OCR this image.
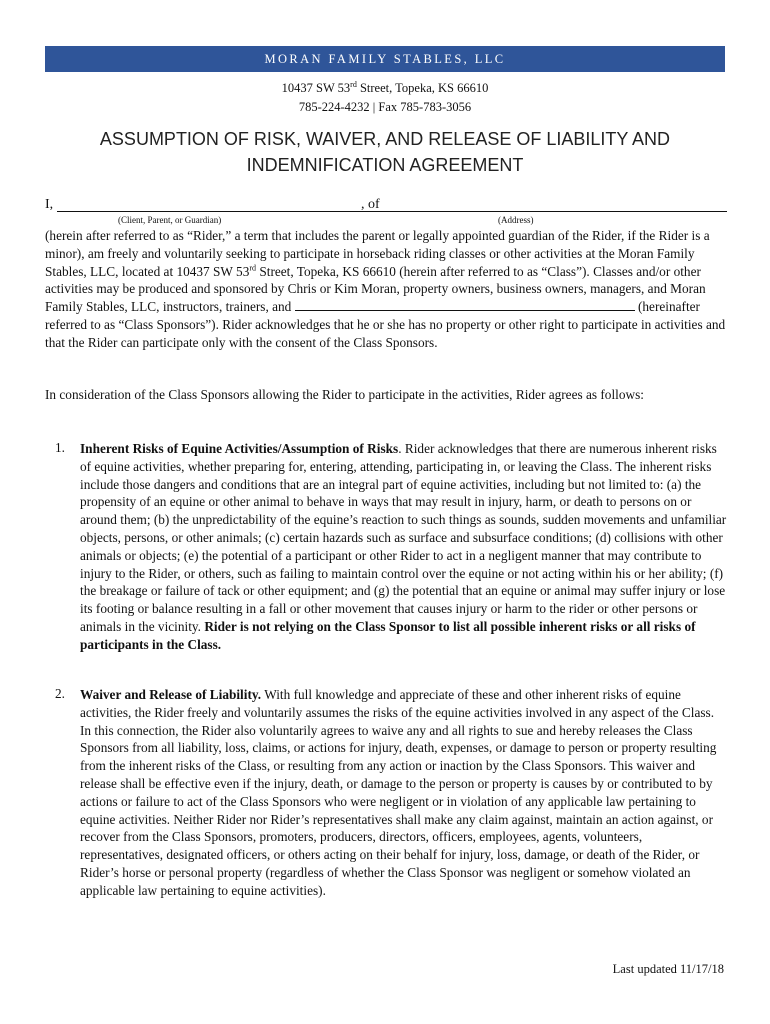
MORAN FAMILY STABLES, LLC
10437 SW 53rd Street, Topeka, KS 66610
785-224-4232 | Fax 785-783-3056
ASSUMPTION OF RISK, WAIVER, AND RELEASE OF LIABILITY AND
INDEMNIFICATION AGREEMENT
I,	, of
(Client, Parent, or Guardian)	(Address)
(herein after referred to as “Rider,” a term that includes the parent or legally appointed guardian of the Rider, if the Rider is a minor), am freely and voluntarily seeking to participate in horseback riding classes or other activities at the Moran Family Stables, LLC, located at 10437 SW 53rd Street, Topeka, KS 66610 (herein after referred to as “Class”). Classes and/or other activities may be produced and sponsored by Chris or Kim Moran, property owners, business owners, managers, and Moran Family Stables, LLC, instructors, trainers, and	(hereinafter referred to as “Class Sponsors”). Rider acknowledges that he or she has no property or other right to participate in activities and that the Rider can participate only with the consent of the Class Sponsors.
In consideration of the Class Sponsors allowing the Rider to participate in the activities, Rider agrees as follows:
1. Inherent Risks of Equine Activities/Assumption of Risks. Rider acknowledges that there are numerous inherent risks of equine activities, whether preparing for, entering, attending, participating in, or leaving the Class. The inherent risks include those dangers and conditions that are an integral part of equine activities, including but not limited to: (a) the propensity of an equine or other animal to behave in ways that may result in injury, harm, or death to persons on or around them; (b) the unpredictability of the equine’s reaction to such things as sounds, sudden movements and unfamiliar objects, persons, or other animals; (c) certain hazards such as surface and subsurface conditions; (d) collisions with other animals or objects; (e) the potential of a participant or other Rider to act in a negligent manner that may contribute to injury to the Rider, or others, such as failing to maintain control over the equine or not acting within his or her ability; (f) the breakage or failure of tack or other equipment; and (g) the potential that an equine or animal may suffer injury or lose its footing or balance resulting in a fall or other movement that causes injury or harm to the rider or other persons or animals in the vicinity. Rider is not relying on the Class Sponsor to list all possible inherent risks or all risks of participants in the Class.
2. Waiver and Release of Liability. With full knowledge and appreciate of these and other inherent risks of equine activities, the Rider freely and voluntarily assumes the risks of the equine activities involved in any aspect of the Class. In this connection, the Rider also voluntarily agrees to waive any and all rights to sue and hereby releases the Class Sponsors from all liability, loss, claims, or actions for injury, death, expenses, or damage to person or property resulting from the inherent risks of the Class, or resulting from any action or inaction by the Class Sponsors. This waiver and release shall be effective even if the injury, death, or damage to the person or property is causes by or contributed to by actions or failure to act of the Class Sponsors who were negligent or in violation of any applicable law pertaining to equine activities. Neither Rider nor Rider’s representatives shall make any claim against, maintain an action against, or recover from the Class Sponsors, promoters, producers, directors, officers, employees, agents, volunteers, representatives, designated officers, or others acting on their behalf for injury, loss, damage, or death of the Rider, or Rider’s horse or personal property (regardless of whether the Class Sponsor was negligent or somehow violated an applicable law pertaining to equine activities).
Last updated 11/17/18
